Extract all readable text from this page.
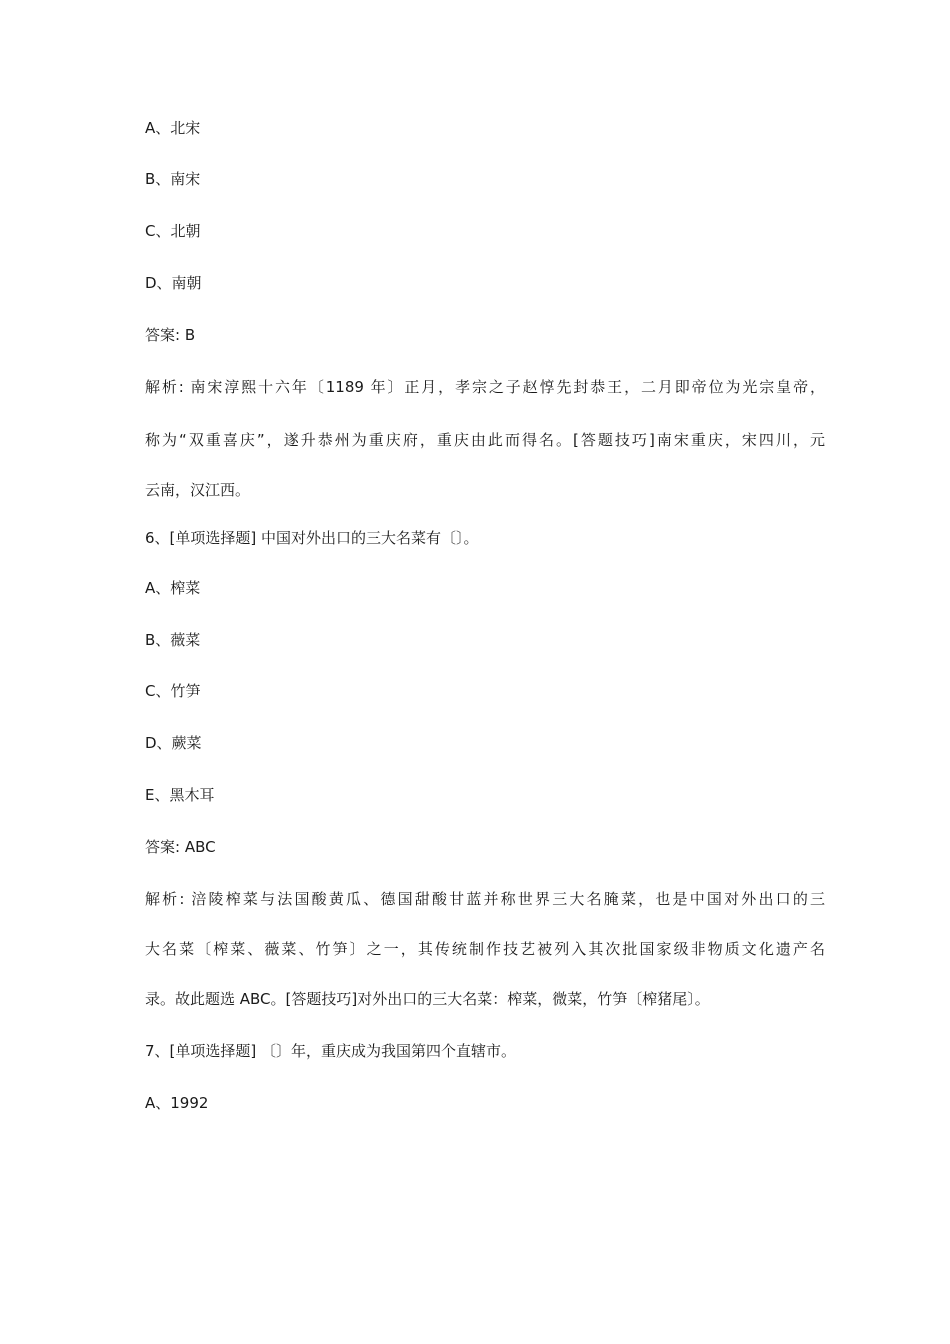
A、北宋
B、南宋
C、北朝
D、南朝
答案: B
解析: 南宋淳熙十六年〔1189 年〕正月，孝宗之子赵惇先封恭王，二月即帝位为光宗皇帝，
称为“双重喜庆”，遂升恭州为重庆府，重庆由此而得名。[答题技巧]南宋重庆，宋四川，元
云南，汉江西。
6、[单项选择题] 中国对外出口的三大名菜有〔〕。
A、榨菜
B、薇菜
C、竹笋
D、蕨菜
E、黑木耳
答案: ABC
解析: 涪陵榨菜与法国酸黄瓜、德国甜酸甘蓝并称世界三大名腌菜，也是中国对外出口的三
大名菜〔榨菜、薇菜、竹笋〕之一，其传统制作技艺被列入其次批国家级非物质文化遗产名
录。故此题选 ABC。[答题技巧]对外出口的三大名菜：榨菜，微菜，竹笋〔榨猪尾〕。
7、[单项选择题] 〔〕年，重庆成为我国第四个直辖市。
A、1992
